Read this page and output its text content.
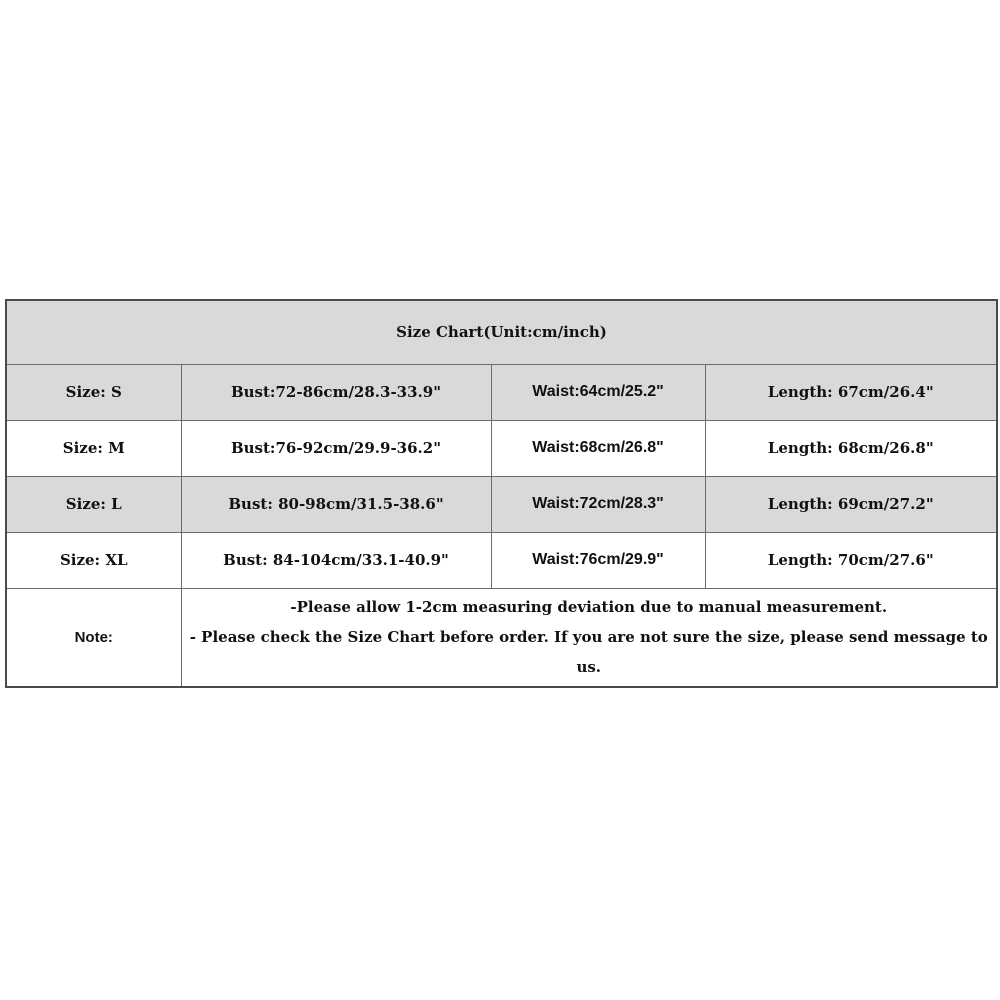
Size Chart(Unit:cm/inch)			
Size: S	Bust:72-86cm/28.3-33.9"	Waist:64cm/25.2"	Length: 67cm/26.4"
Size: M	Bust:76-92cm/29.9-36.2"	Waist:68cm/26.8"	Length: 68cm/26.8"
Size: L	Bust: 80-98cm/31.5-38.6"	Waist:72cm/28.3"	Length: 69cm/27.2"
Size: XL	Bust: 84-104cm/33.1-40.9"	Waist:76cm/29.9"	Length: 70cm/27.6"
Note:	-Please allow 1-2cm measuring deviation due to manual measurement.
- Please check the Size Chart before order. If you are not sure the size, please send message to us.		
